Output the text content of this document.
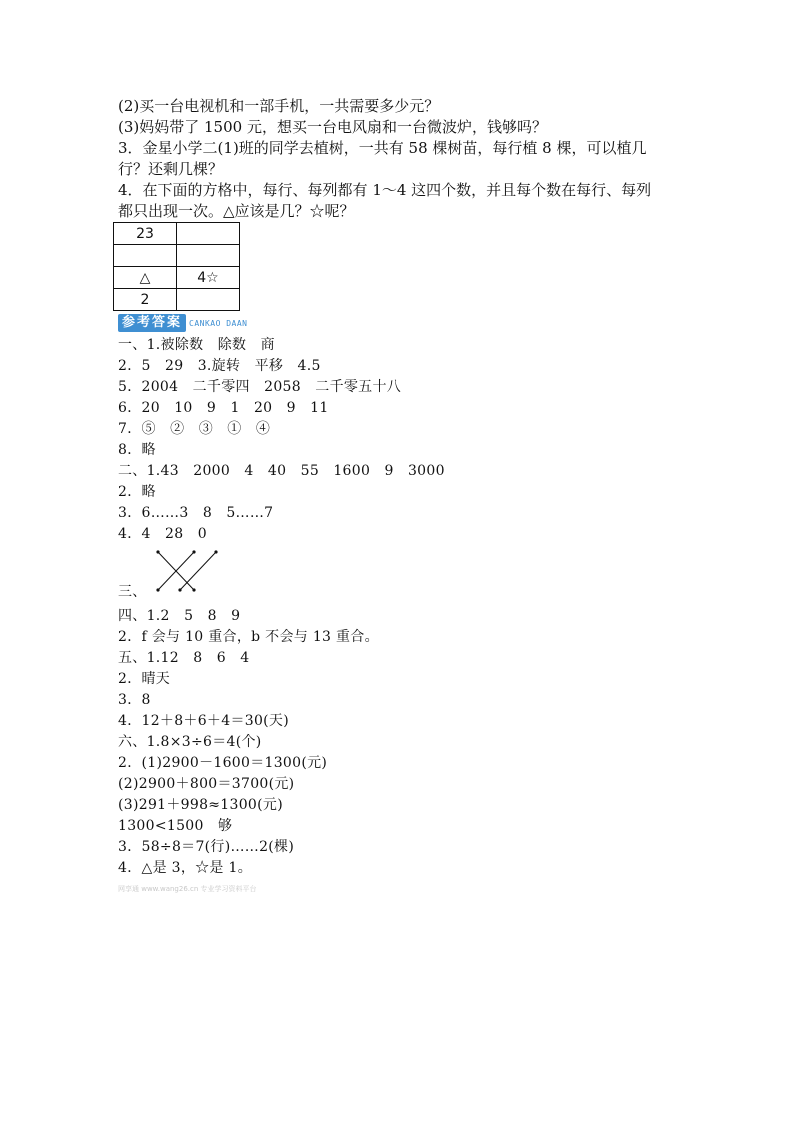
(2)买一台电视机和一部手机，一共需要多少元？
(3)妈妈带了 1500 元，想买一台电风扇和一台微波炉，钱够吗？
3．金星小学二(1)班的同学去植树，一共有 58 棵树苗，每行植 8 棵，可以植几
行？还剩几棵？
4．在下面的方格中，每行、每列都有 1～4 这四个数，并且每个数在每行、每列
都只出现一次。△应该是几？☆呢？
23	

△	4☆
2	
参考答案 CANKAO DAAN
一、1.被除数　除数　商
2．5　29　3.旋转　平移　4.5
5．2004　二千零四　2058　二千零五十八
6．20　10　9　1　20　9　11
7．⑤　②　③　①　④
8．略
二、1.43　2000　4　40　55　1600　9　3000
2．略
3．6……3　8　5……7
4．4　28　0
三、
四、1.2　5　8　9
2．f 会与 10 重合，b 不会与 13 重合。
五、1.12　8　6　4
2．晴天
3．8
4．12＋8＋6＋4＝30(天)
六、1.8×3÷6＝4(个)
2．(1)2900－1600＝1300(元)
(2)2900＋800＝3700(元)
(3)291＋998≈1300(元)
1300<1500　够
3．58÷8＝7(行)……2(棵)
4．△是 3，☆是 1。
网享通 www.wang26.cn 专业学习资料平台
